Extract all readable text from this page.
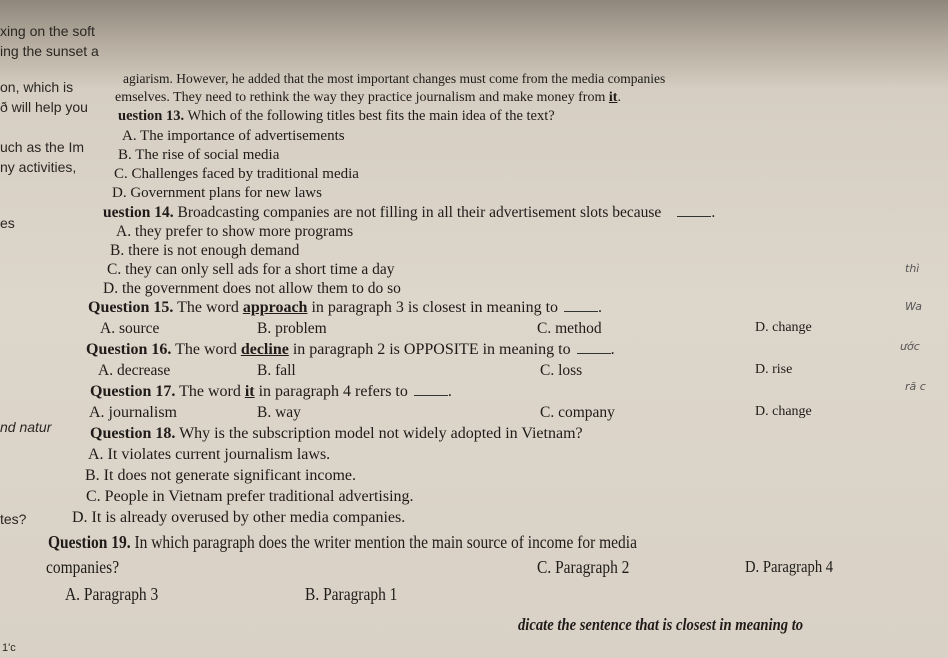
xing on the soft
ing the sunset a
on, which is
ð will help you
uch as the Im
ny activities,
es
nd natur
tes?
1'c
agiarism. However, he added that the most important changes must come from the media companies
emselves. They need to rethink the way they practice journalism and make money from it.
uestion 13. Which of the following titles best fits the main idea of the text?
A. The importance of advertisements
B. The rise of social media
C. Challenges faced by traditional media
D. Government plans for new laws
uestion 14. Broadcasting companies are not filling in all their advertisement slots because	.
A. they prefer to show more programs
B. there is not enough demand
C. they can only sell ads for a short time a day
D. the government does not allow them to do so
Question 15. The word approach in paragraph 3 is closest in meaning to	.
A. source	B. problem	C. method	D. change
Question 16. The word decline in paragraph 2 is OPPOSITE in meaning to	.
A. decrease	B. fall	C. loss	D. rise
Question 17. The word it in paragraph 4 refers to	.
A. journalism	B. way	C. company	D. change
Question 18. Why is the subscription model not widely adopted in Vietnam?
A. It violates current journalism laws.
B. It does not generate significant income.
C. People in Vietnam prefer traditional advertising.
D. It is already overused by other media companies.
Question 19. In which paragraph does the writer mention the main source of income for media
companies?
A. Paragraph 3	B. Paragraph 1
C. Paragraph 2	D. Paragraph 4
dicate the sentence that is closest in meaning to
thì
Wa
ước
ră c
